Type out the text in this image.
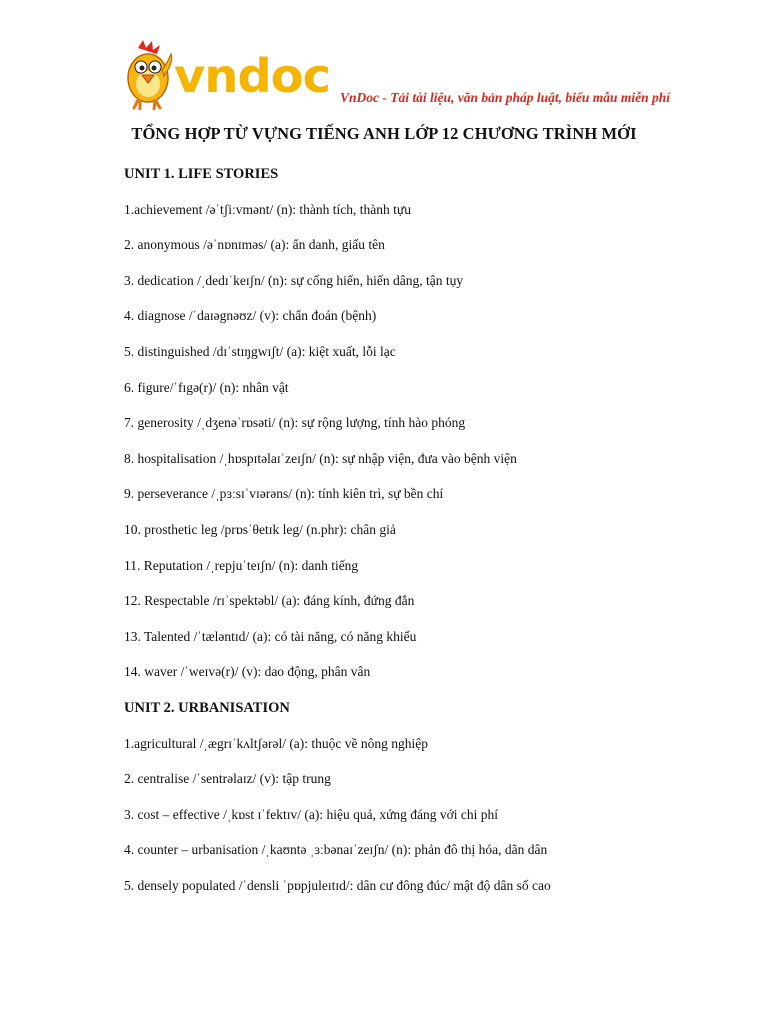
vndoc VnDoc - Tải tài liệu, văn bản pháp luật, biểu mẫu miễn phí
TỔNG HỢP TỪ VỰNG TIẾNG ANH LỚP 12 CHƯƠNG TRÌNH MỚI
UNIT 1. LIFE STORIES
1.achievement /əˈtʃiːvmənt/ (n): thành tích, thành tựu
2. anonymous /əˈnɒnɪməs/ (a): ẩn danh, giấu tên
3. dedication /ˌdedɪˈkeɪʃn/ (n): sự cống hiến, hiến dâng, tận tụy
4. diagnose /ˈdaɪəgnəʊz/ (v): chẩn đoán (bệnh)
5. distinguished /dɪˈstɪŋgwɪʃt/ (a): kiệt xuất, lỗi lạc
6. figure/ˈfɪgə(r)/ (n): nhân vật
7. generosity /ˌdʒenəˈrɒsəti/ (n): sự rộng lượng, tính hào phóng
8. hospitalisation /ˌhɒspɪtəlaɪˈzeɪʃn/ (n): sự nhập viện, đưa vào bệnh viện
9. perseverance /ˌpɜːsɪˈvɪərəns/ (n): tính kiên trì, sự bền chí
10. prosthetic leg /prɒsˈθetɪk leg/ (n.phr): chân giả
11. Reputation /ˌrepjuˈteɪʃn/ (n): danh tiếng
12. Respectable /rɪˈspektəbl/ (a): đáng kính, đứng đắn
13. Talented /ˈtæləntɪd/ (a): có tài năng, có năng khiếu
14. waver /ˈweɪvə(r)/ (v): dao động, phân vân
UNIT 2. URBANISATION
1.agricultural /ˌægrɪˈkʌltʃərəl/ (a): thuộc về nông nghiệp
2. centralise /ˈsentrəlaɪz/ (v): tập trung
3. cost – effective /ˌkɒst ɪˈfektɪv/ (a): hiệu quả, xứng đáng với chi phí
4. counter – urbanisation /ˌkaʊntə ˌɜːbənaɪˈzeɪʃn/ (n): phản đô thị hóa, dãn dân
5. densely populated /ˈdensli ˈpɒpjuleɪtɪd/: dân cư đông đúc/ mật độ dân số cao
